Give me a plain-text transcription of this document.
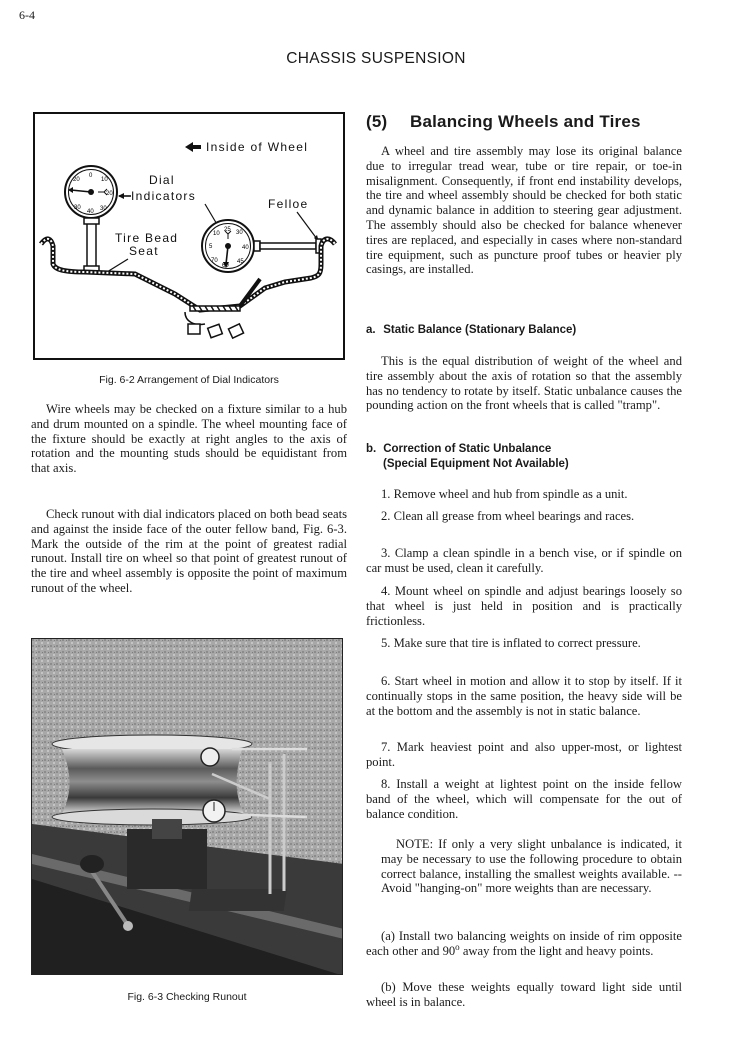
6-4
CHASSIS SUSPENSION
Inside of Wheel
0
10
20
30
40
30
20	Dial
Indicators
Felloe
Tire Bead
Seat
25 30
40
45
60
70
5
10
Fig. 6-2 Arrangement of Dial Indicators

Wire wheels may be checked on a fixture similar to a hub and drum mounted on a spindle. The wheel mounting face of the fixture should be exactly at right angles to the axis of rotation and the mounting studs should be equidistant from that axis.

Check runout with dial indicators placed on both bead seats and against the inside face of the outer fellow band, Fig. 6-3. Mark the outside of the rim at the point of greatest radial runout. Install tire on wheel so that point of greatest runout of the tire and wheel assembly is opposite the point of maximum runout of the wheel.

Fig. 6-3 Checking Runout
(5) Balancing Wheels and Tires

A wheel and tire assembly may lose its original balance due to irregular tread wear, tube or tire repair, or toe-in misalignment. Consequently, if front end instability develops, the tire and wheel assembly should be checked for both static and dynamic balance in addition to steering gear adjustment. The assembly should also be checked for balance whenever tires are replaced, and especially in cases where non-standard tire equipment, such as puncture proof tubes or heavier ply casings, are installed.

a. Static Balance (Stationary Balance)

This is the equal distribution of weight of the wheel and tire assembly about the axis of rotation so that the assembly has no tendency to rotate by itself. Static unbalance causes the pounding action on the front wheels that is called "tramp".

b. Correction of Static Unbalance
(Special Equipment Not Available)

1. Remove wheel and hub from spindle as a unit.

2. Clean all grease from wheel bearings and races.

3. Clamp a clean spindle in a bench vise, or if spindle on car must be used, clean it carefully.

4. Mount wheel on spindle and adjust bearings loosely so that wheel is just held in position and is practically frictionless.

5. Make sure that tire is inflated to correct pressure.

6. Start wheel in motion and allow it to stop by itself. If it continually stops in the same position, the heavy side will be at the bottom and the assembly is not in static balance.

7. Mark heaviest point and also upper-most, or lightest point.

8. Install a weight at lightest point on the inside fellow band of the wheel, which will compensate for the out of balance condition.

NOTE: If only a very slight unbalance is indicated, it may be necessary to use the following procedure to obtain correct balance, installing the smallest weights available. -- Avoid "hanging-on" more weights than are necessary.

(a) Install two balancing weights on inside of rim opposite each other and 90$^o$ away from the light and heavy points.

(b) Move these weights equally toward light side until wheel is in balance.
